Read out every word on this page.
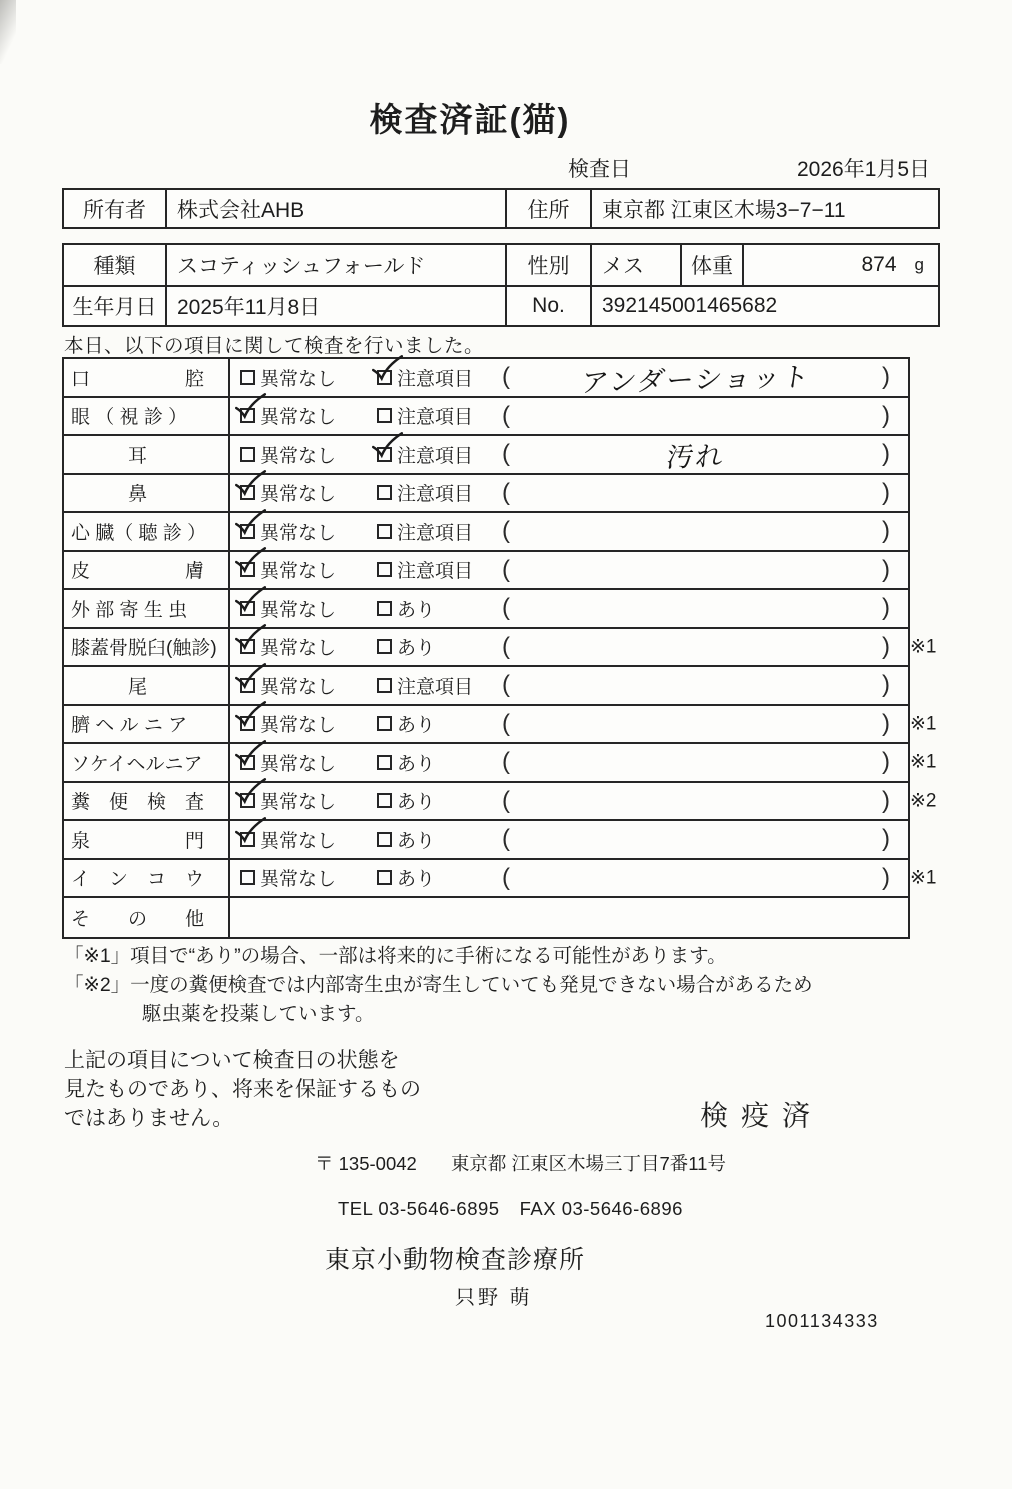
検査済証(猫)
検査日	2026年1月5日
所有者	株式会社AHB	住所	東京都 江東区木場3−7−11
種類	スコティッシュフォールド	性別	メス	体重	874 g
生年月日 2025年11月8日	No.	392145001465682

本日、以下の項目に関して検査を行いました。

口　　　　　腔	異常なし	注意項目 (	アンダーショット	)
眼 （ 視 診 ）	異常なし	注意項目 (	)
　　　耳	異常なし	注意項目 (	汚れ	)
　　　鼻	異常なし	注意項目 (	)
心 臓（ 聴 診 ）	異常なし	注意項目 (	)
皮　　　　　膚	異常なし	注意項目 (	)
外 部 寄 生 虫	異常なし	あり	(	)
膝蓋骨脱臼(触診)	異常なし	あり	(	) ※1
　　　尾	異常なし	注意項目 (	)
臍 ヘ ル ニ ア	異常なし	あり	(	) ※1
ソケイヘルニア	異常なし	あり	(	) ※1
糞　便　検　査	異常なし	あり	(	) ※2
泉　　　　　門	異常なし	あり	(	)
イ　ン　コ　ウ	異常なし	あり	(	) ※1
そ　　の　　他
「※1」項目で“あり”の場合、一部は将来的に手術になる可能性があります。
「※2」一度の糞便検査では内部寄生虫が寄生していても発見できない場合があるため
駆虫薬を投薬しています。
上記の項目について検査日の状態を
見たものであり、将来を保証するもの
ではありません。	検疫済
〒 135-0042 東京都 江東区木場三丁目7番11号
TEL 03-5646-6895 FAX 03-5646-6896
東京小動物検査診療所
只野 萌
1001134333
